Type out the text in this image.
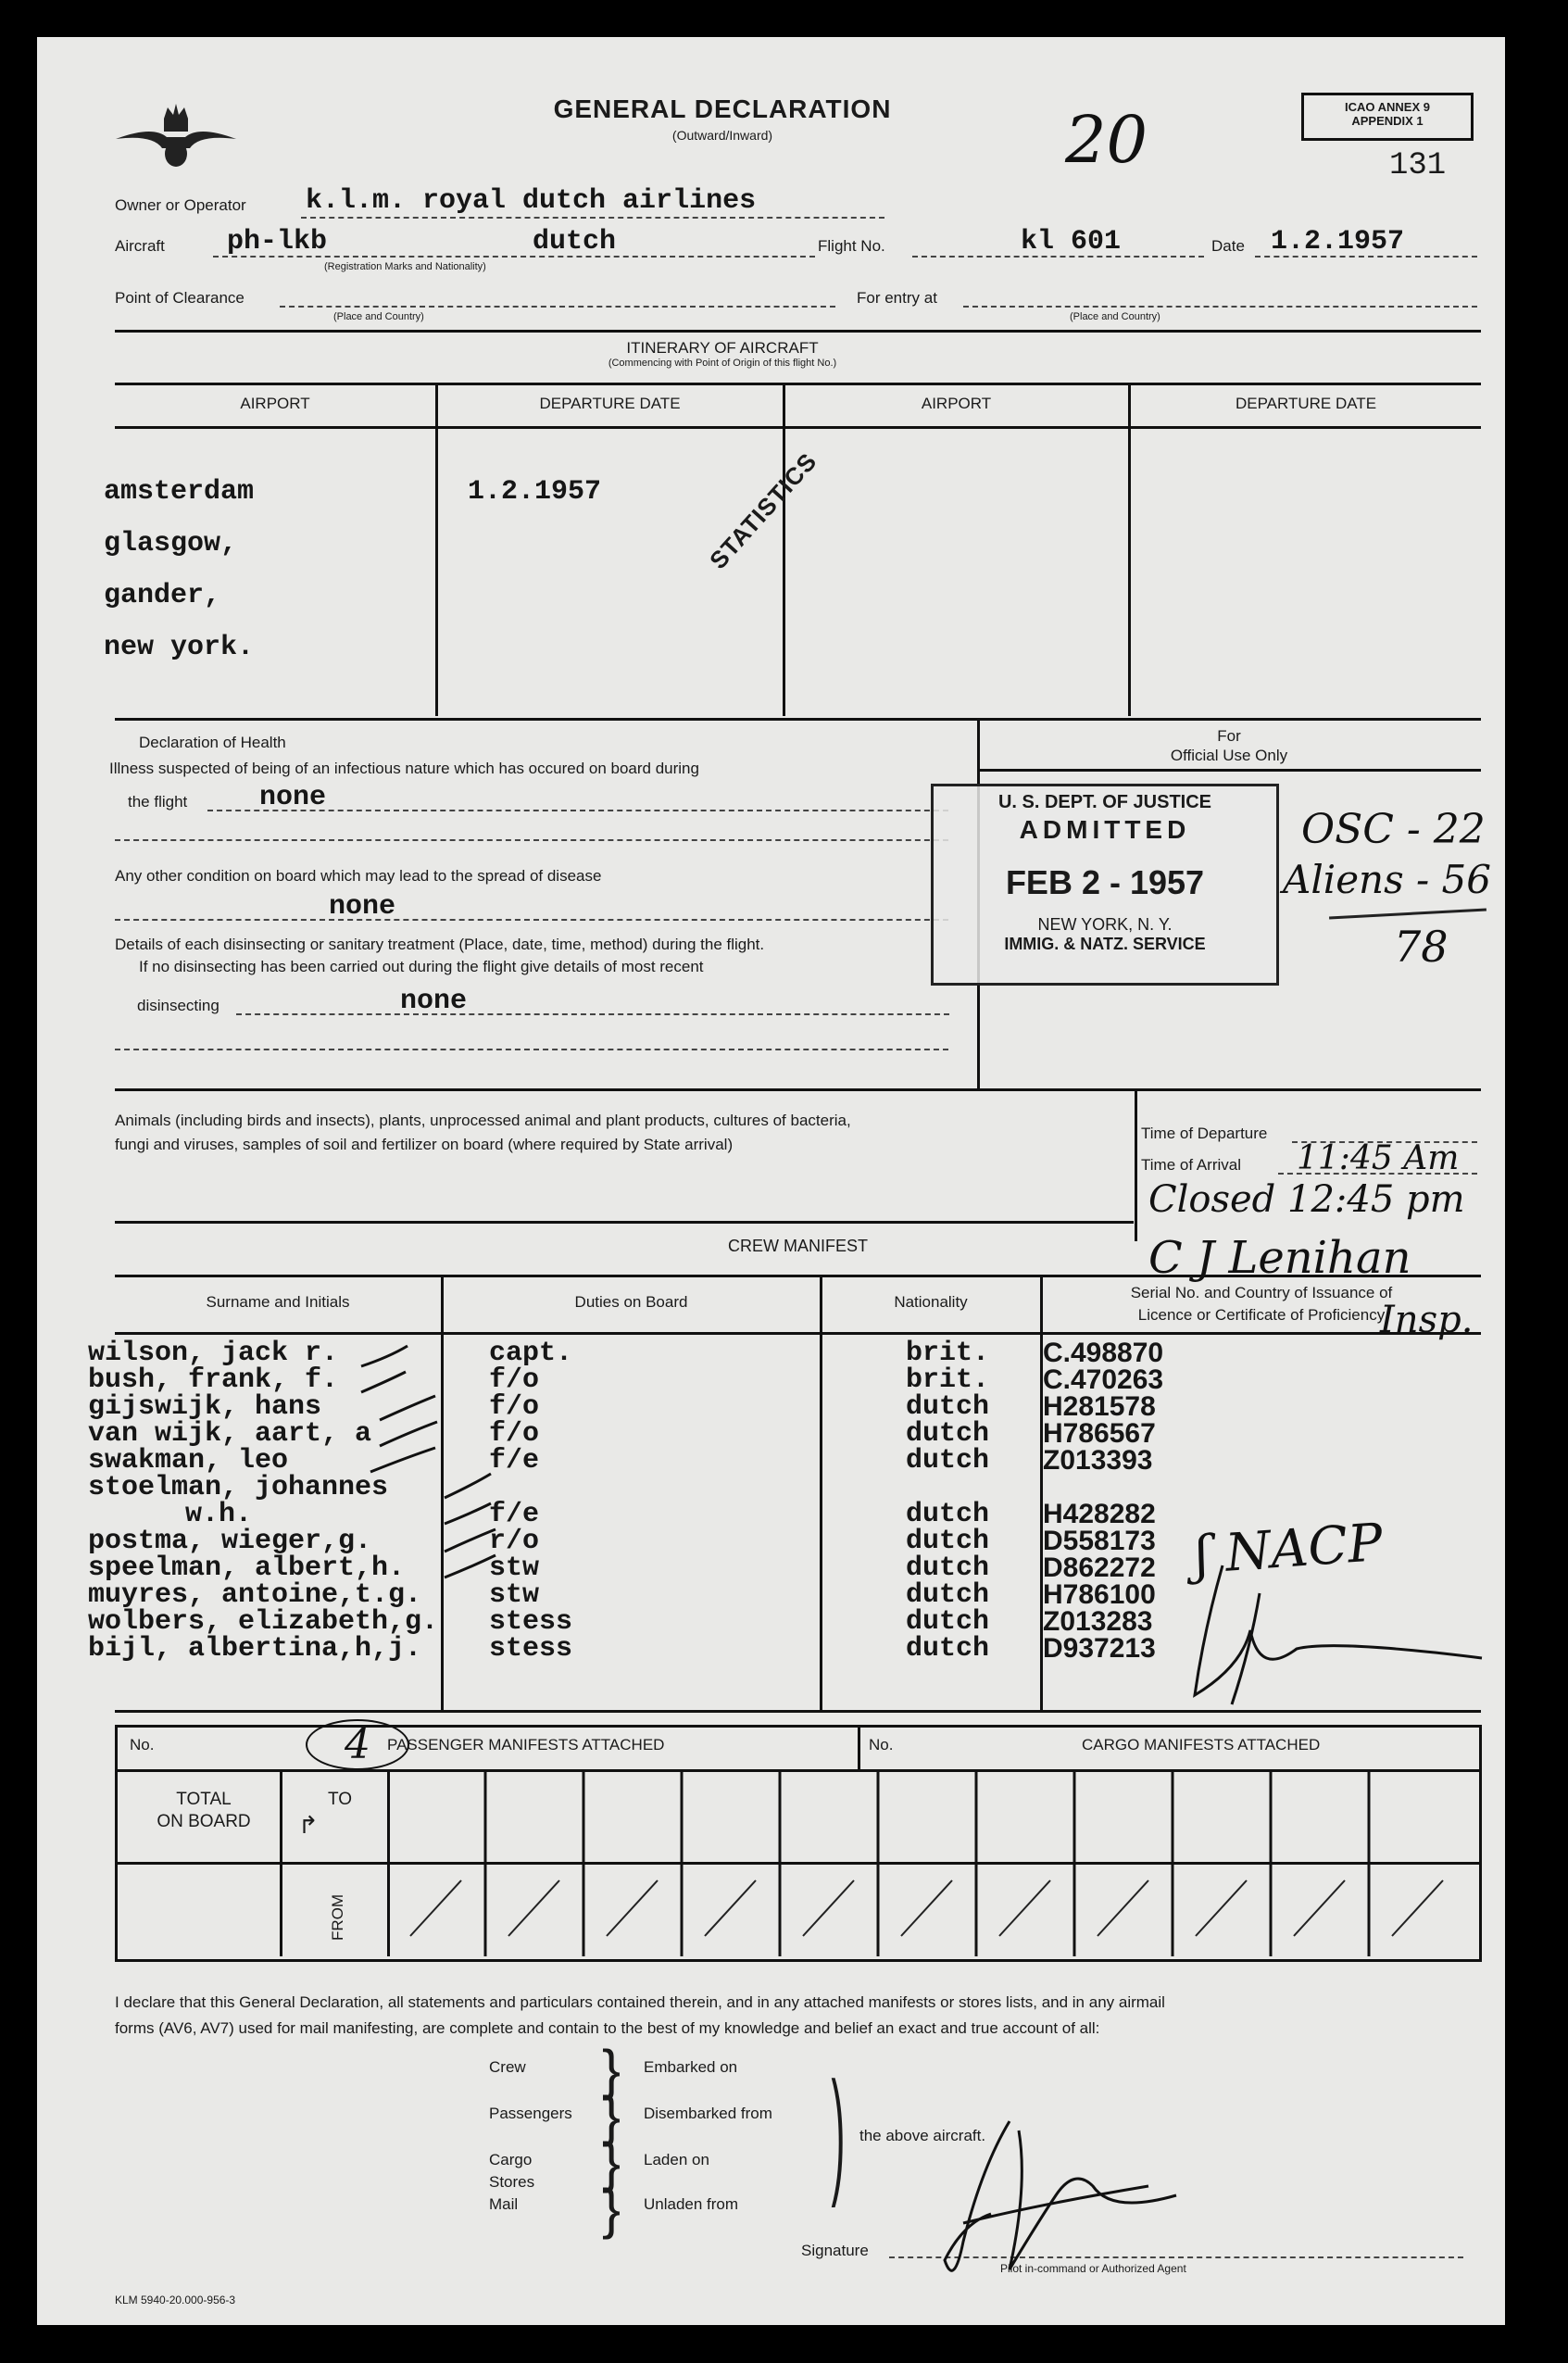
GENERAL DECLARATION
(Outward/Inward)	20	ICAO ANNEX 9
APPENDIX 1
131
Owner or Operator k.l.m. royal dutch airlines
Aircraft ph-lkb	dutch
(Registration Marks and Nationality)
Flight No.	kl 601	Date 1.2.1957
Point of Clearance
(Place and Country)
For entry at
(Place and Country)
ITINERARY OF AIRCRAFT
(Commencing with Point of Origin of this flight No.)
AIRPORT	DEPARTURE DATE	AIRPORT	DEPARTURE DATE
amsterdam
glasgow,
gander,
new york.
1.2.1957	STATISTICS
Declaration of Health
Illness suspected of being of an infectious nature which has occured on board during
the flight	none
Any other condition on board which may lead to the spread of disease
none
Details of each disinsecting or sanitary treatment (Place, date, time, method) during the flight.
If no disinsecting has been carried out during the flight give details of most recent
disinsecting	none
For
Official Use Only
U. S. DEPT. OF JUSTICE
ADMITTED
FEB 2 - 1957
NEW YORK, N. Y.
IMMIG. & NATZ. SERVICE
OSC - 22
Aliens - 56
78
Animals (including birds and insects), plants, unprocessed animal and plant products, cultures of bacteria,
fungi and viruses, samples of soil and fertilizer on board (where required by State arrival)
Time of Departure
Time of Arrival 11:45 Am
Closed 12:45 pm
C J Lenihan
CREW MANIFEST
Surname and Initials	Duties on Board	Nationality
Serial No. and Country of Issuance of
Licence or Certificate of Proficiency
Insp.
wilson, jack r.	capt.	brit. C.498870
bush, frank, f.	f/o	brit. C.470263
gijswijk, hans	f/o	dutch H281578
van wijk, aart, a	f/o	dutch H786567
swakman, leo	f/e	dutch Z013393
stoelman, johannes
w.h.	f/e	dutch H428282
postma, wieger,g.	r/o	dutch D558173
speelman, albert,h.	stw	dutch D862272
muyres, antoine,t.g. stw	dutch H786100
wolbers, elizabeth,g. stess	dutch Z013283
bijl, albertina,h,j. stess	dutch D937213
ʃ NACP
No.	4	PASSENGER MANIFESTS ATTACHED	No.	CARGO MANIFESTS ATTACHED
TOTAL
ON BOARD
TO
↱
FROM
I declare that this General Declaration, all statements and particulars contained therein, and in any attached manifests or stores lists, and in any airmail
forms (AV6, AV7) used for mail manifesting, are complete and contain to the best of my knowledge and belief an exact and true account of all:
Crew
Passengers
Cargo
Stores
Mail
}
}
}
}
Embarked on
Disembarked from
Laden on
Unladen from ) the above aircraft.
Signature
Pilot in-command or Authorized Agent
KLM 5940-20.000-956-3
